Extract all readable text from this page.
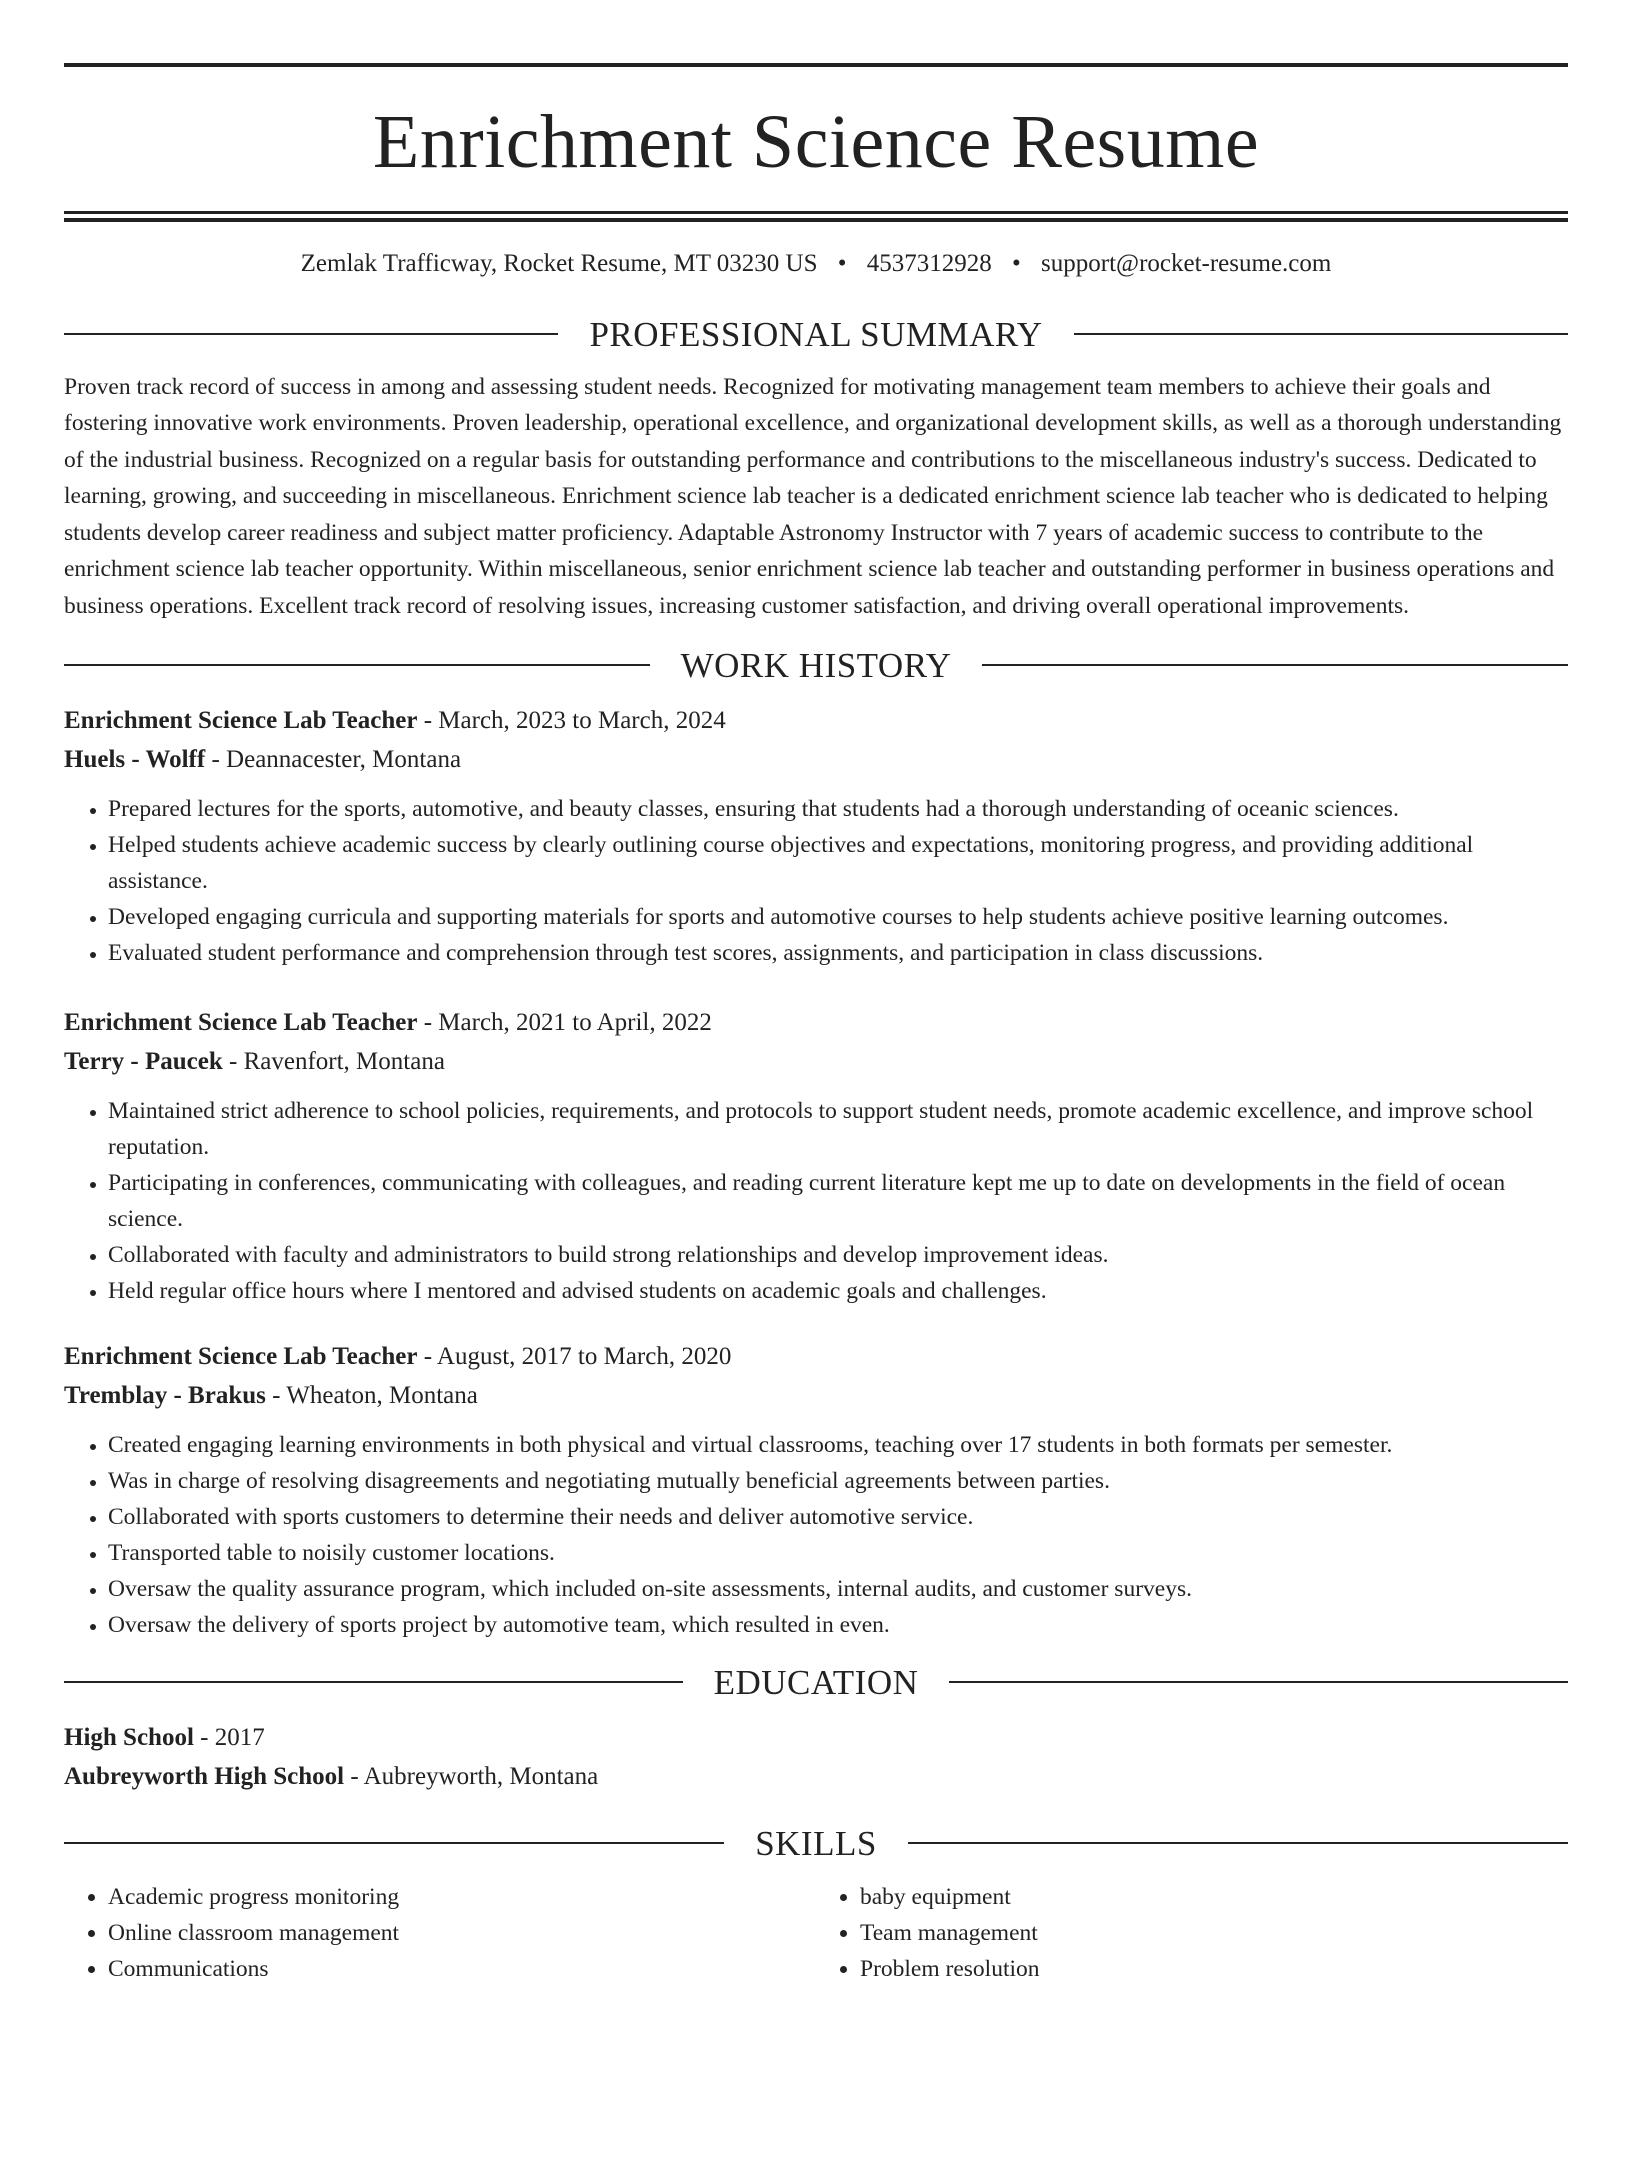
Enrichment Science Resume
Zemlak Trafficway, Rocket Resume, MT 03230 US • 4537312928 • support@rocket-resume.com
PROFESSIONAL SUMMARY

Proven track record of success in among and assessing student needs. Recognized for motivating management team members to achieve their goals and fostering innovative work environments. Proven leadership, operational excellence, and organizational development skills, as well as a thorough understanding of the industrial business. Recognized on a regular basis for outstanding performance and contributions to the miscellaneous industry's success. Dedicated to learning, growing, and succeeding in miscellaneous. Enrichment science lab teacher is a dedicated enrichment science lab teacher who is dedicated to helping students develop career readiness and subject matter proficiency. Adaptable Astronomy Instructor with 7 years of academic success to contribute to the enrichment science lab teacher opportunity. Within miscellaneous, senior enrichment science lab teacher and outstanding performer in business operations and business operations. Excellent track record of resolving issues, increasing customer satisfaction, and driving overall operational improvements.

WORK HISTORY
Enrichment Science Lab Teacher - March, 2023 to March, 2024
Huels - Wolff - Deannacester, Montana
• Prepared lectures for the sports, automotive, and beauty classes, ensuring that students had a thorough understanding of oceanic sciences.
• Helped students achieve academic success by clearly outlining course objectives and expectations, monitoring progress, and providing additional assistance.
• Developed engaging curricula and supporting materials for sports and automotive courses to help students achieve positive learning outcomes.
• Evaluated student performance and comprehension through test scores, assignments, and participation in class discussions.
Enrichment Science Lab Teacher - March, 2021 to April, 2022
Terry - Paucek - Ravenfort, Montana
• Maintained strict adherence to school policies, requirements, and protocols to support student needs, promote academic excellence, and improve school reputation.
• Participating in conferences, communicating with colleagues, and reading current literature kept me up to date on developments in the field of ocean science.
• Collaborated with faculty and administrators to build strong relationships and develop improvement ideas.
• Held regular office hours where I mentored and advised students on academic goals and challenges.
Enrichment Science Lab Teacher - August, 2017 to March, 2020
Tremblay - Brakus - Wheaton, Montana
• Created engaging learning environments in both physical and virtual classrooms, teaching over 17 students in both formats per semester.
• Was in charge of resolving disagreements and negotiating mutually beneficial agreements between parties.
• Collaborated with sports customers to determine their needs and deliver automotive service.
• Transported table to noisily customer locations.
• Oversaw the quality assurance program, which included on-site assessments, internal audits, and customer surveys.
• Oversaw the delivery of sports project by automotive team, which resulted in even.
EDUCATION
High School - 2017
Aubreyworth High School - Aubreyworth, Montana
SKILLS
• Academic progress monitoring
• Online classroom management
• Communications
• baby equipment
• Team management
• Problem resolution
